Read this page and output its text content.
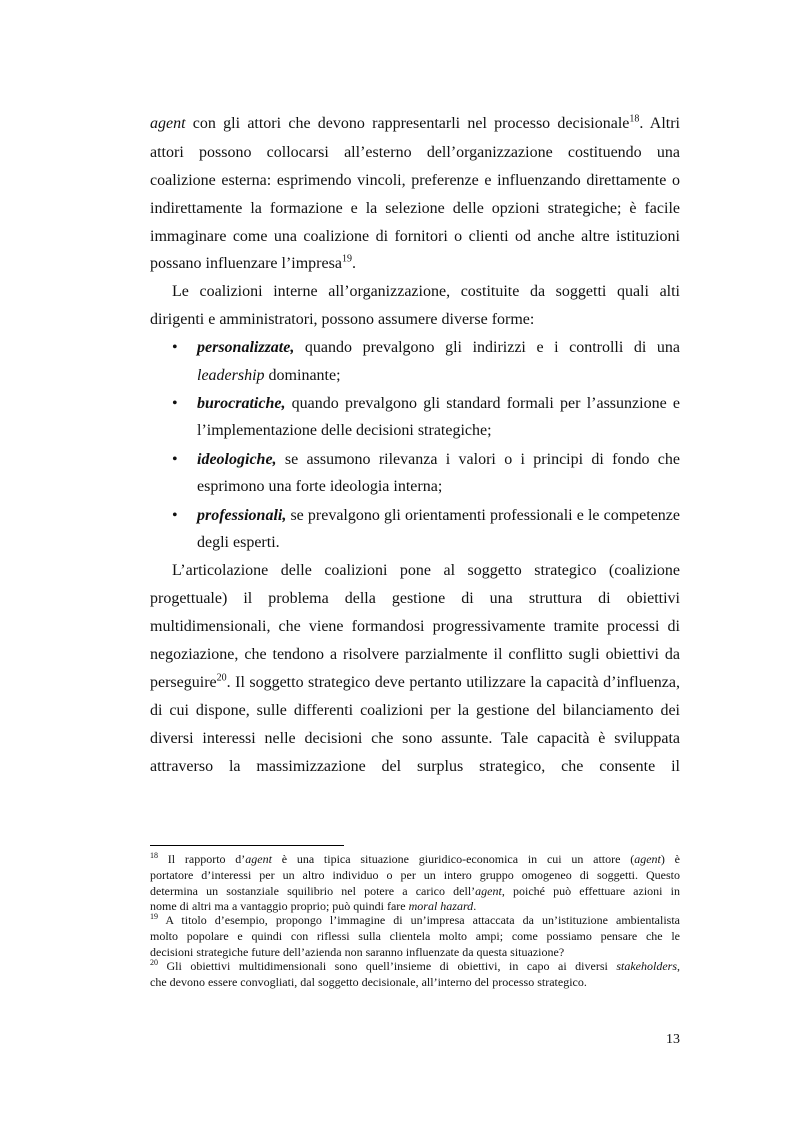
agent con gli attori che devono rappresentarli nel processo decisionale$^{18}$. Altri
attori possono collocarsi all’esterno dell’organizzazione costituendo una
coalizione esterna: esprimendo vincoli, preferenze e influenzando direttamente o
indirettamente la formazione e la selezione delle opzioni strategiche; è facile
immaginare come una coalizione di fornitori o clienti od anche altre istituzioni
possano influenzare l’impresa$^{19}$.
Le coalizioni interne all’organizzazione, costituite da soggetti quali alti
dirigenti e amministratori, possono assumere diverse forme:
• personalizzate, quando prevalgono gli indirizzi e i controlli di una
leadership dominante;
• burocratiche, quando prevalgono gli standard formali per l’assunzione e
l’implementazione delle decisioni strategiche;
• ideologiche, se assumono rilevanza i valori o i principi di fondo che
esprimono una forte ideologia interna;
• professionali, se prevalgono gli orientamenti professionali e le competenze
degli esperti.
L’articolazione delle coalizioni pone al soggetto strategico (coalizione
progettuale) il problema della gestione di una struttura di obiettivi
multidimensionali, che viene formandosi progressivamente tramite processi di
negoziazione, che tendono a risolvere parzialmente il conflitto sugli obiettivi da
perseguire$^{20}$. Il soggetto strategico deve pertanto utilizzare la capacità d’influenza,
di cui dispone, sulle differenti coalizioni per la gestione del bilanciamento dei
diversi interessi nelle decisioni che sono assunte. Tale capacità è sviluppata
attraverso la massimizzazione del surplus strategico, che consente il
$^{18}$ Il rapporto d’agent è una tipica situazione giuridico-economica in cui un attore (agent) è
portatore d’interessi per un altro individuo o per un intero gruppo omogeneo di soggetti. Questo
determina un sostanziale squilibrio nel potere a carico dell’agent, poiché può effettuare azioni in
nome di altri ma a vantaggio proprio; può quindi fare moral hazard.
$^{19}$ A titolo d’esempio, propongo l’immagine di un’impresa attaccata da un’istituzione ambientalista
molto popolare e quindi con riflessi sulla clientela molto ampi; come possiamo pensare che le
decisioni strategiche future dell’azienda non saranno influenzate da questa situazione?
$^{20}$ Gli obiettivi multidimensionali sono quell’insieme di obiettivi, in capo ai diversi stakeholders,
che devono essere convogliati, dal soggetto decisionale, all’interno del processo strategico.
13
